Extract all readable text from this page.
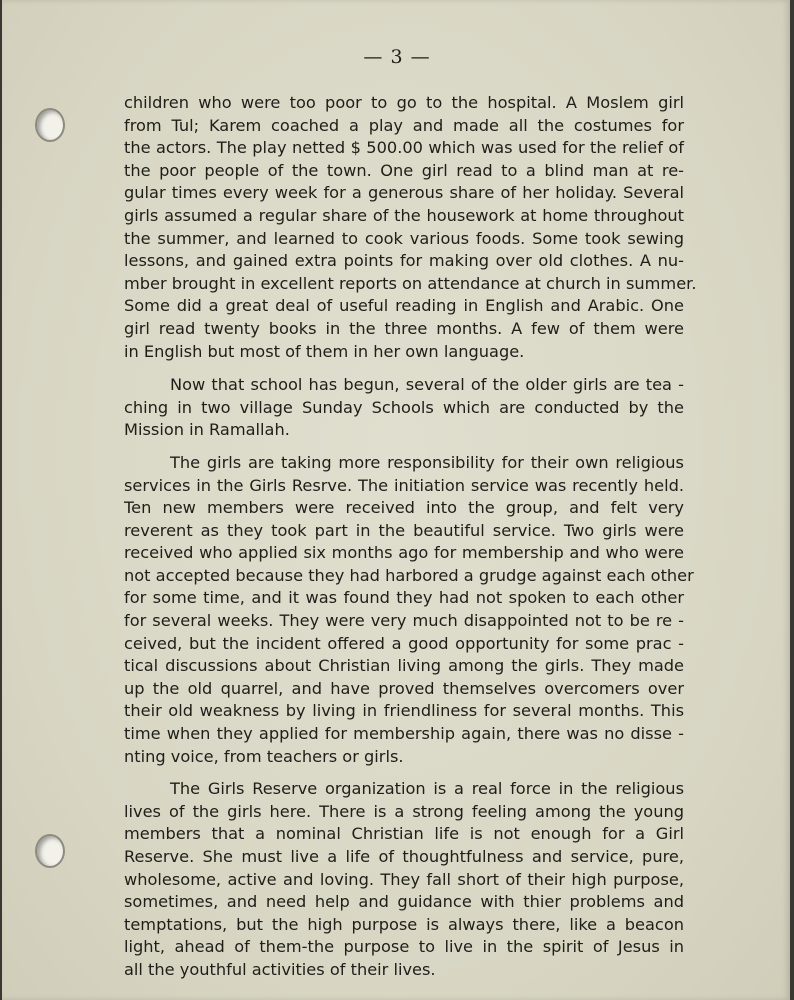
— 3 —

children who were too poor to go to the hospital. A Moslem girl
from Tul; Karem coached a play and made all the costumes for
the actors. The play netted $ 500.00 which was used for the relief of
the poor people of the town. One girl read to a blind man at re-
gular times every week for a generous share of her holiday. Several
girls assumed a regular share of the housework at home throughout
the summer, and learned to cook various foods. Some took sewing
lessons, and gained extra points for making over old clothes. A nu-
mber brought in excellent reports on attendance at church in summer.
Some did a great deal of useful reading in English and Arabic. One
girl read twenty books in the three months. A few of them were
in English but most of them in her own language.

Now that school has begun, several of the older girls are tea -
ching in two village Sunday Schools which are conducted by the
Mission in Ramallah.

The girls are taking more responsibility for their own religious
services in the Girls Resrve. The initiation service was recently held.
Ten new members were received into the group, and felt very
reverent as they took part in the beautiful service. Two girls were
received who applied six months ago for membership and who were
not accepted because they had harbored a grudge against each other
for some time, and it was found they had not spoken to each other
for several weeks. They were very much disappointed not to be re -
ceived, but the incident offered a good opportunity for some prac -
tical discussions about Christian living among the girls. They made
up the old quarrel, and have proved themselves overcomers over
their old weakness by living in friendliness for several months. This
time when they applied for membership again, there was no disse -
nting voice, from teachers or girls.

The Girls Reserve organization is a real force in the religious
lives of the girls here. There is a strong feeling among the young
members that a nominal Christian life is not enough for a Girl
Reserve. She must live a life of thoughtfulness and service, pure,
wholesome, active and loving. They fall short of their high purpose,
sometimes, and need help and guidance with thier problems and
temptations, but the high purpose is always there, like a beacon
light, ahead of them-the purpose to live in the spirit of Jesus in
all the youthful activities of their lives.
